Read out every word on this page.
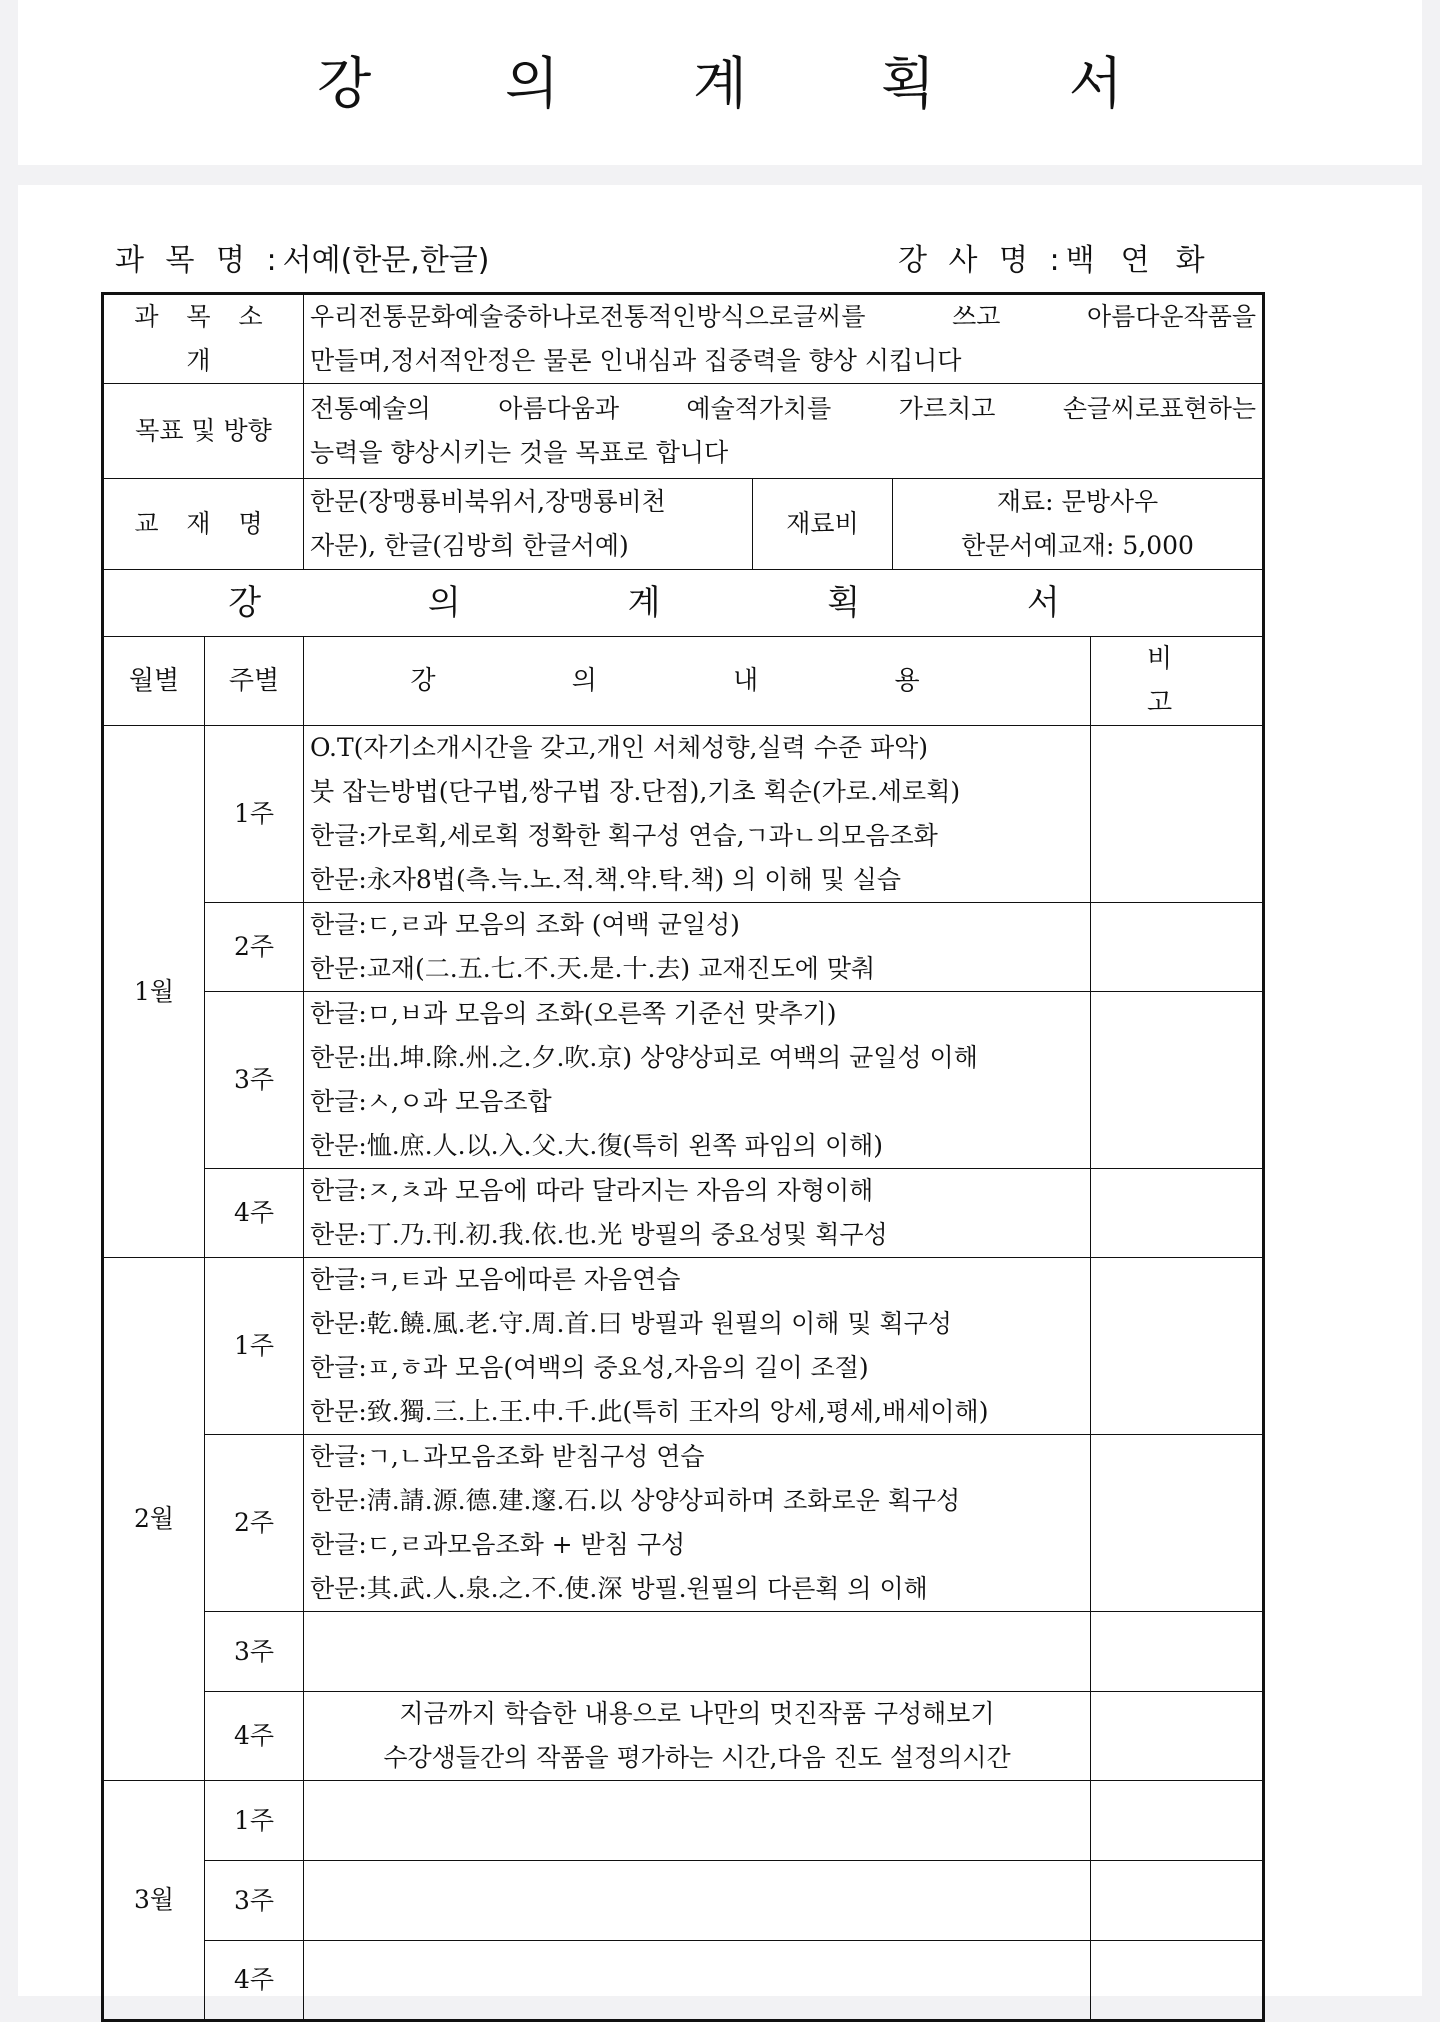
강 의 계 획 서
과 목 명 :서예(한문,한글)	강 사 명 :백연화
과 목 소 개		우리전통문화예술중하나로전통적인방식으로글씨를 쓰고 아름다운작품을
만들며,정서적안정은 물론 인내심과 집중력을 향상 시킵니다			

목표 및 방향		전통예술의 아름다움과 예술적가치를 가르치고 손글씨로표현하는
능력을 향상시키는 것을 목표로 합니다			

교 재 명		한문(장맹룡비북위서,장맹룡비천
자문), 한글(김방희 한글서예)	재료비	재료: 문방사우
한문서예교재: 5,000	

강 의 계 획 서					
월별	주별	강 의 내 용			비 고
1월	1주	O.T(자기소개시간을 갖고,개인 서체성향,실력 수준 파악)
붓 잡는방법(단구법,쌍구법 장.단점),기초 획순(가로.세로획)
한글:가로획,세로획 정확한 획구성 연습,ㄱ과ㄴ의모음조화
한문:永자8법(측.늑.노.적.책.약.탁.책) 의 이해 및 실습			

	2주	한글:ㄷ,ㄹ과 모음의 조화 (여백 균일성)
한문:교재(二.五.七.不.天.是.十.去) 교재진도에 맞춰			

	3주	한글:ㅁ,ㅂ과 모음의 조화(오른쪽 기준선 맞추기)
한문:出.坤.除.州.之.夕.吹.京) 상양상피로 여백의 균일성 이해
한글:ㅅ,ㅇ과 모음조합
한문:恤.庶.人.以.入.父.大.復(특히 왼쪽 파임의 이해)			

	4주	한글:ㅈ,ㅊ과 모음에 따라 달라지는 자음의 자형이해
한문:丁.乃.刊.初.我.依.也.光 방필의 중요성및 획구성			

2월	1주	한글:ㅋ,ㅌ과 모음에따른 자음연습
한문:乾.饒.風.老.守.周.首.曰 방필과 원필의 이해 및 획구성
한글:ㅍ,ㅎ과 모음(여백의 중요성,자음의 길이 조절)
한문:致.獨.三.上.王.中.千.此(특히 王자의 앙세,평세,배세이해)			

	2주	한글:ㄱ,ㄴ과모음조화 받침구성 연습
한문:淸.請.源.德.建.邃.石.以 상양상피하며 조화로운 획구성
한글:ㄷ,ㄹ과모음조화 + 받침 구성
한문:其.武.人.泉.之.不.使.深 방필.원필의 다른획 의 이해			

	3주				
	4주	지금까지 학습한 내용으로 나만의 멋진작품 구성해보기
수강생들간의 작품을 평가하는 시간,다음 진도 설정의시간			

3월	1주				
	3주				
	4주				
